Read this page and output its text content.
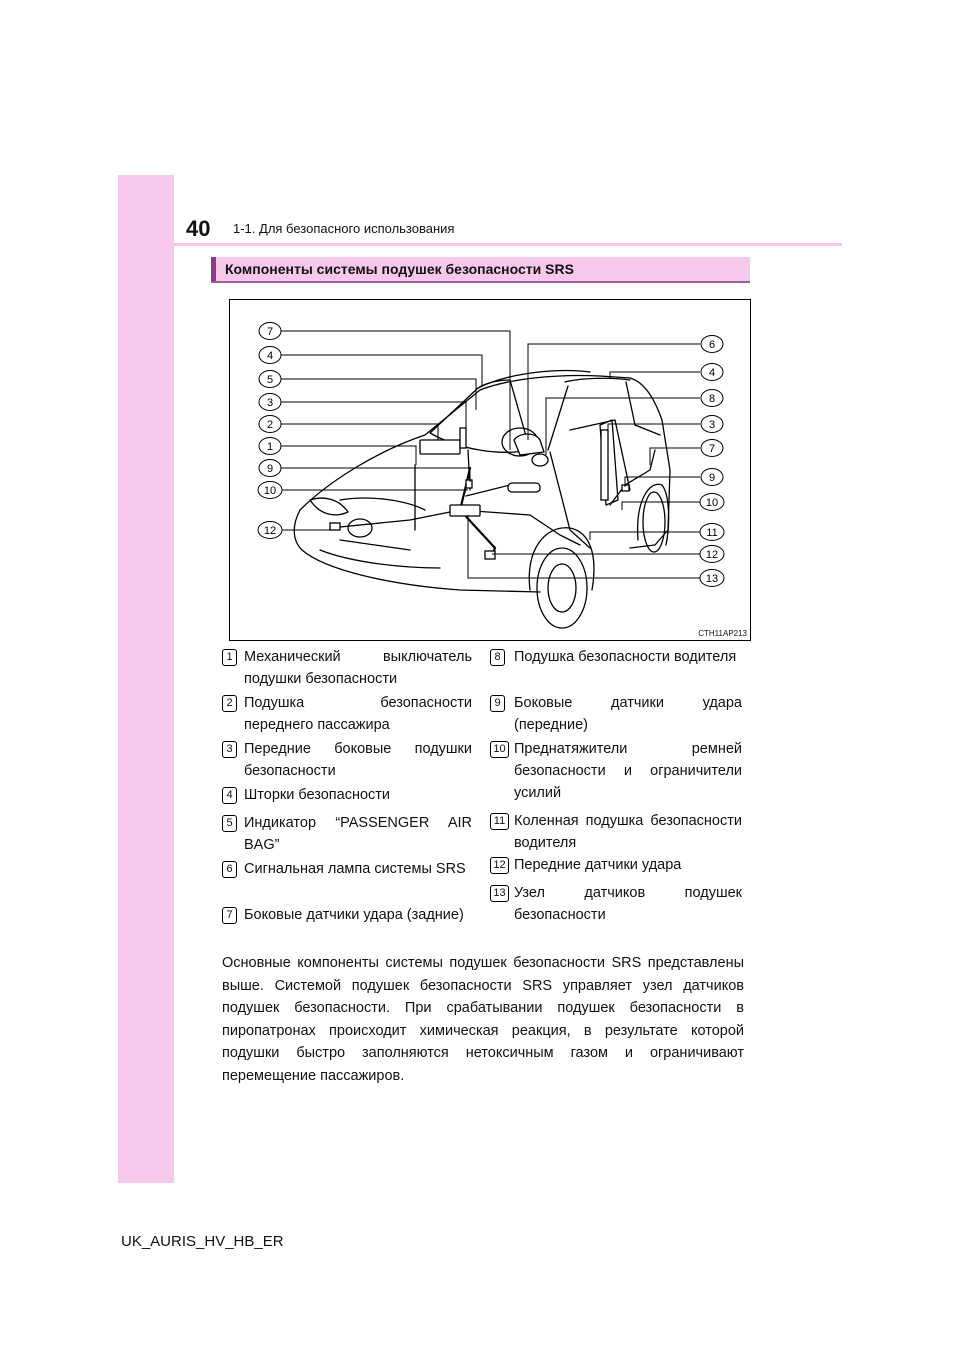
40 1-1. Для безопасного использования
Компоненты системы подушек безопасности SRS
7
4
5
3
2
1
9
10
12
6
4
8
3
7
9
10
11
12
13
CTH11AP213
1 Механический выключатель подушки безопасности
2 Подушка безопасности переднего пассажира
3 Передние боковые подушки безопасности
4 Шторки безопасности
5 Индикатор “PASSENGER AIR BAG”
6 Сигнальная лампа системы SRS
7 Боковые датчики удара (задние)
8 Подушка безопасности водителя
9 Боковые датчики удара (передние)
10 Преднатяжители ремней безопасности и ограничители усилий
11 Коленная подушка безопасности водителя
12 Передние датчики удара
13 Узел датчиков подушек безопасности
Основные компоненты системы подушек безопасности SRS представлены выше. Системой подушек безопасности SRS управляет узел датчиков подушек безопасности. При срабатывании подушек безопасности в пиропатронах происходит химическая реакция, в результате которой подушки быстро заполняются нетоксичным газом и ограничивают перемещение пассажиров.
UK_AURIS_HV_HB_ER
